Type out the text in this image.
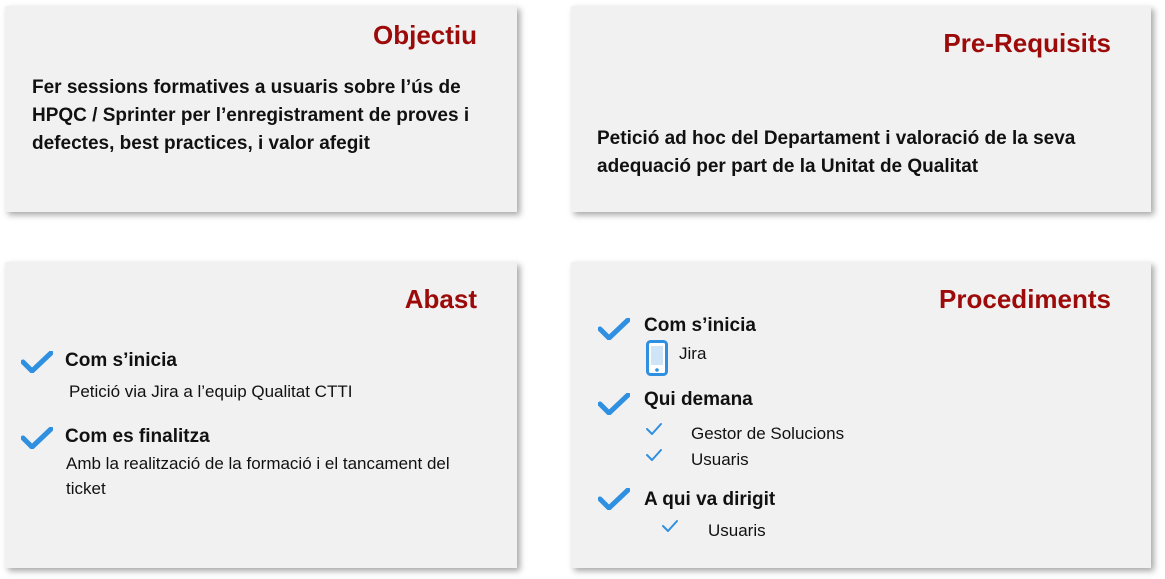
Objectiu
Fer sessions formatives a usuaris sobre l’ús de HPQC / Sprinter per l’enregistrament de proves i defectes, best practices, i valor afegit
Pre-Requisits
Petició ad hoc del Departament i valoració de la seva adequació per part de la Unitat de Qualitat
Abast
Com s’inicia
Petició via Jira a l’equip Qualitat CTTI
Com es finalitza
Amb la realització de la formació i el tancament del ticket
Procediments
Com s’inicia
Jira
Qui demana
Gestor de Solucions
Usuaris
A qui va dirigit
Usuaris
